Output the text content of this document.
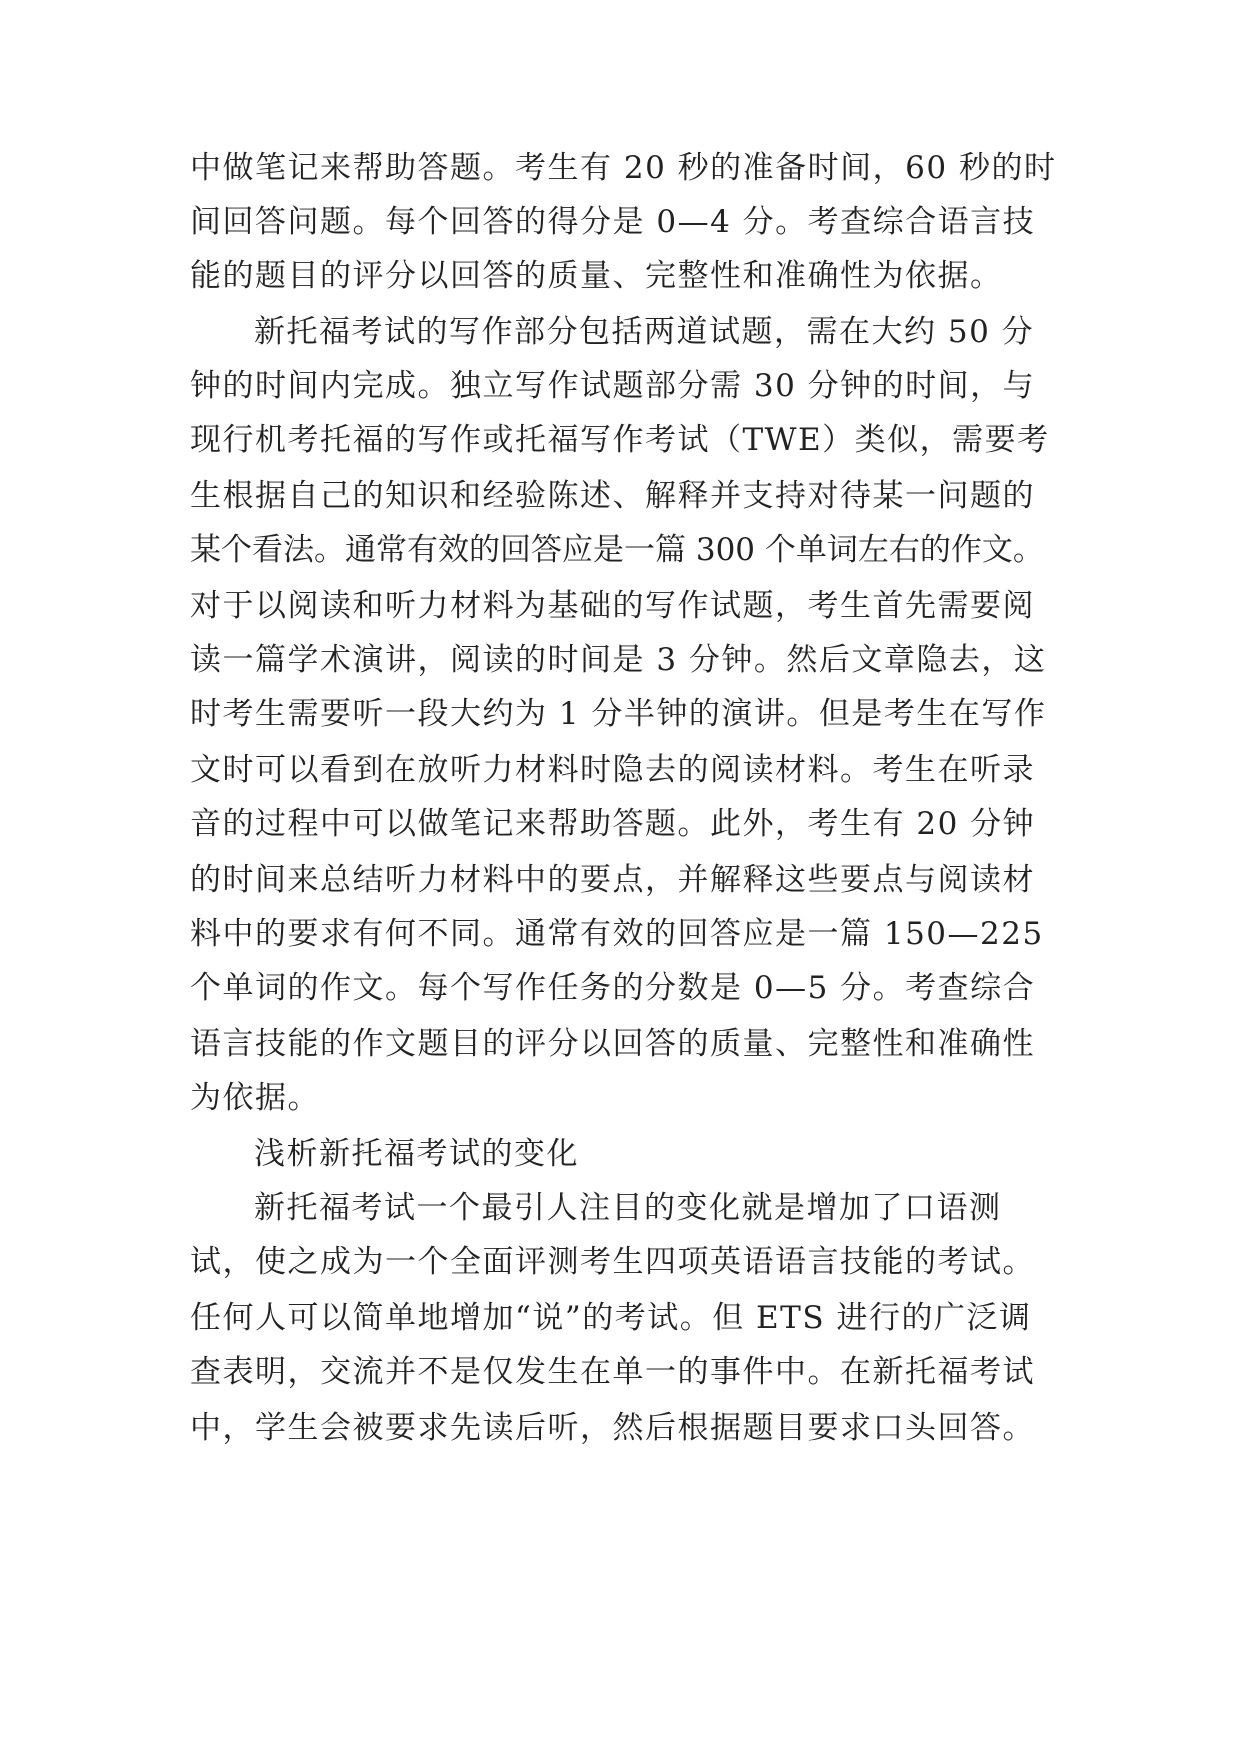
中做笔记来帮助答题。考生有 20 秒的准备时间，60 秒的时
间回答问题。每个回答的得分是 0—4 分。考查综合语言技
能的题目的评分以回答的质量、完整性和准确性为依据。
新托福考试的写作部分包括两道试题，需在大约 50 分
钟的时间内完成。独立写作试题部分需 30 分钟的时间，与
现行机考托福的写作或托福写作考试（TWE）类似，需要考
生根据自己的知识和经验陈述、解释并支持对待某一问题的
某个看法。通常有效的回答应是一篇 300 个单词左右的作文。
对于以阅读和听力材料为基础的写作试题，考生首先需要阅
读一篇学术演讲，阅读的时间是 3 分钟。然后文章隐去，这
时考生需要听一段大约为 1 分半钟的演讲。但是考生在写作
文时可以看到在放听力材料时隐去的阅读材料。考生在听录
音的过程中可以做笔记来帮助答题。此外，考生有 20 分钟
的时间来总结听力材料中的要点，并解释这些要点与阅读材
料中的要求有何不同。通常有效的回答应是一篇 150—225
个单词的作文。每个写作任务的分数是 0—5 分。考查综合
语言技能的作文题目的评分以回答的质量、完整性和准确性
为依据。
浅析新托福考试的变化
新托福考试一个最引人注目的变化就是增加了口语测
试，使之成为一个全面评测考生四项英语语言技能的考试。
任何人可以简单地增加“说”的考试。但 ETS 进行的广泛调
查表明，交流并不是仅发生在单一的事件中。在新托福考试
中，学生会被要求先读后听，然后根据题目要求口头回答。
